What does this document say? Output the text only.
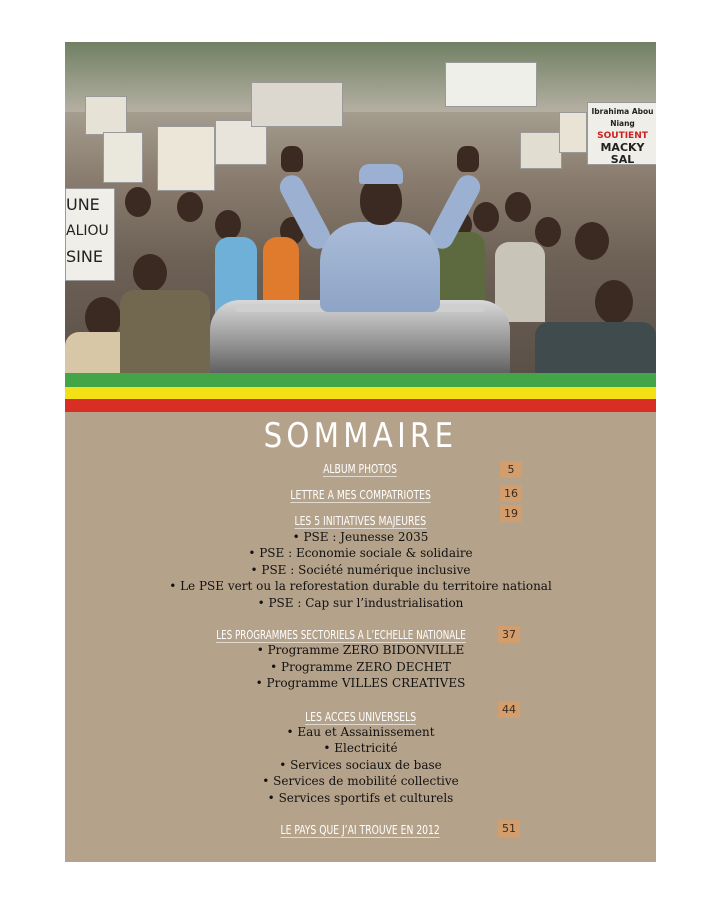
UNE
ALIOU
SINE
Ibrahima Abou Niang
SOUTIENT
MACKY SAL
SOMMAIRE
ALBUM PHOTOS	5
LETTRE A MES COMPATRIOTES	16
LES 5 INITIATIVES MAJEURES	19
• PSE : Jeunesse 2035
• PSE : Economie sociale & solidaire
• PSE : Société numérique inclusive
• Le PSE vert ou la reforestation durable du territoire national
• PSE : Cap sur l’industrialisation
LES PROGRAMMES SECTORIELS A L’ECHELLE NATIONALE	37
• Programme ZERO BIDONVILLE
• Programme ZERO DECHET
• Programme VILLES CREATIVES
LES ACCES UNIVERSELS	44
• Eau et Assainissement
• Electricité
• Services sociaux de base
• Services de mobilité collective
• Services sportifs et culturels
LE PAYS QUE J’AI TROUVE EN 2012	51
